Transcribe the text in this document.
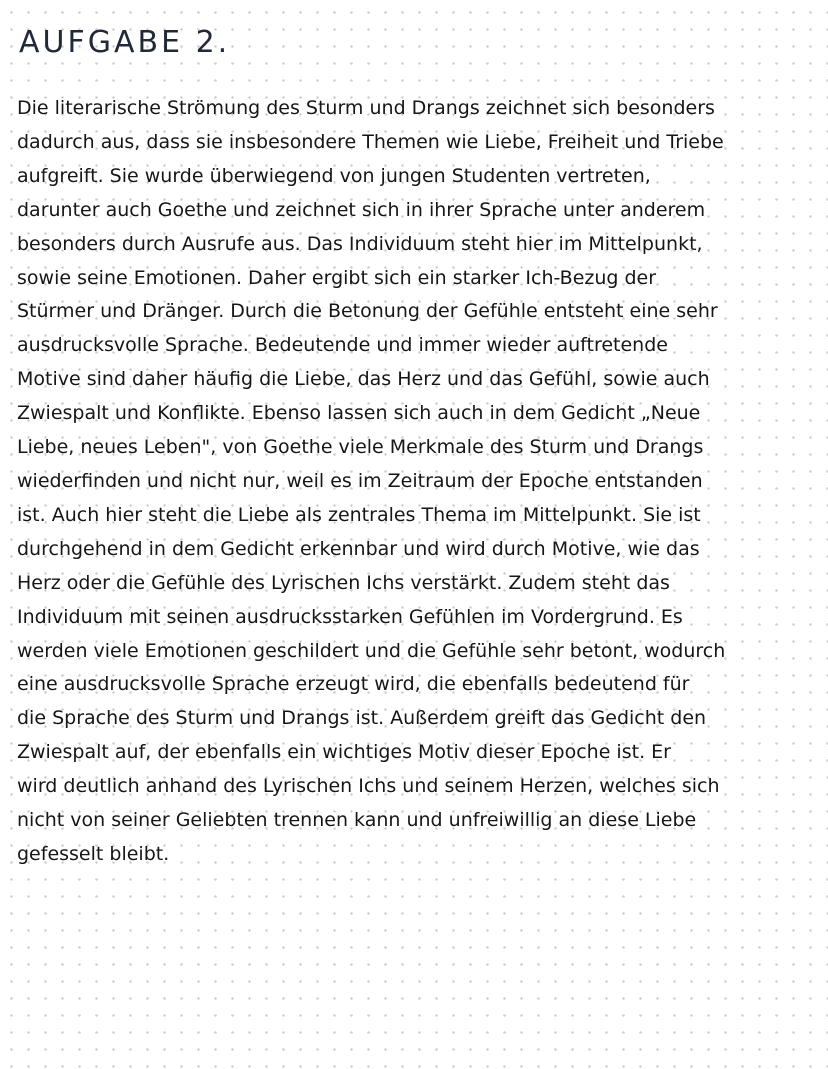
AUFGABE 2.

Die literarische Strömung des Sturm und Drangs zeichnet sich besonders
dadurch aus, dass sie insbesondere Themen wie Liebe, Freiheit und Triebe
aufgreift. Sie wurde überwiegend von jungen Studenten vertreten,
darunter auch Goethe und zeichnet sich in ihrer Sprache unter anderem
besonders durch Ausrufe aus. Das Individuum steht hier im Mittelpunkt,
sowie seine Emotionen. Daher ergibt sich ein starker Ich-Bezug der
Stürmer und Dränger. Durch die Betonung der Gefühle entsteht eine sehr
ausdrucksvolle Sprache. Bedeutende und immer wieder auftretende
Motive sind daher häufig die Liebe, das Herz und das Gefühl, sowie auch
Zwiespalt und Konflikte. Ebenso lassen sich auch in dem Gedicht „Neue
Liebe, neues Leben", von Goethe viele Merkmale des Sturm und Drangs
wiederfinden und nicht nur, weil es im Zeitraum der Epoche entstanden
ist. Auch hier steht die Liebe als zentrales Thema im Mittelpunkt. Sie ist
durchgehend in dem Gedicht erkennbar und wird durch Motive, wie das
Herz oder die Gefühle des Lyrischen Ichs verstärkt. Zudem steht das
Individuum mit seinen ausdrucksstarken Gefühlen im Vordergrund. Es
werden viele Emotionen geschildert und die Gefühle sehr betont, wodurch
eine ausdrucksvolle Sprache erzeugt wird, die ebenfalls bedeutend für
die Sprache des Sturm und Drangs ist. Außerdem greift das Gedicht den
Zwiespalt auf, der ebenfalls ein wichtiges Motiv dieser Epoche ist. Er
wird deutlich anhand des Lyrischen Ichs und seinem Herzen, welches sich
nicht von seiner Geliebten trennen kann und unfreiwillig an diese Liebe
gefesselt bleibt.
